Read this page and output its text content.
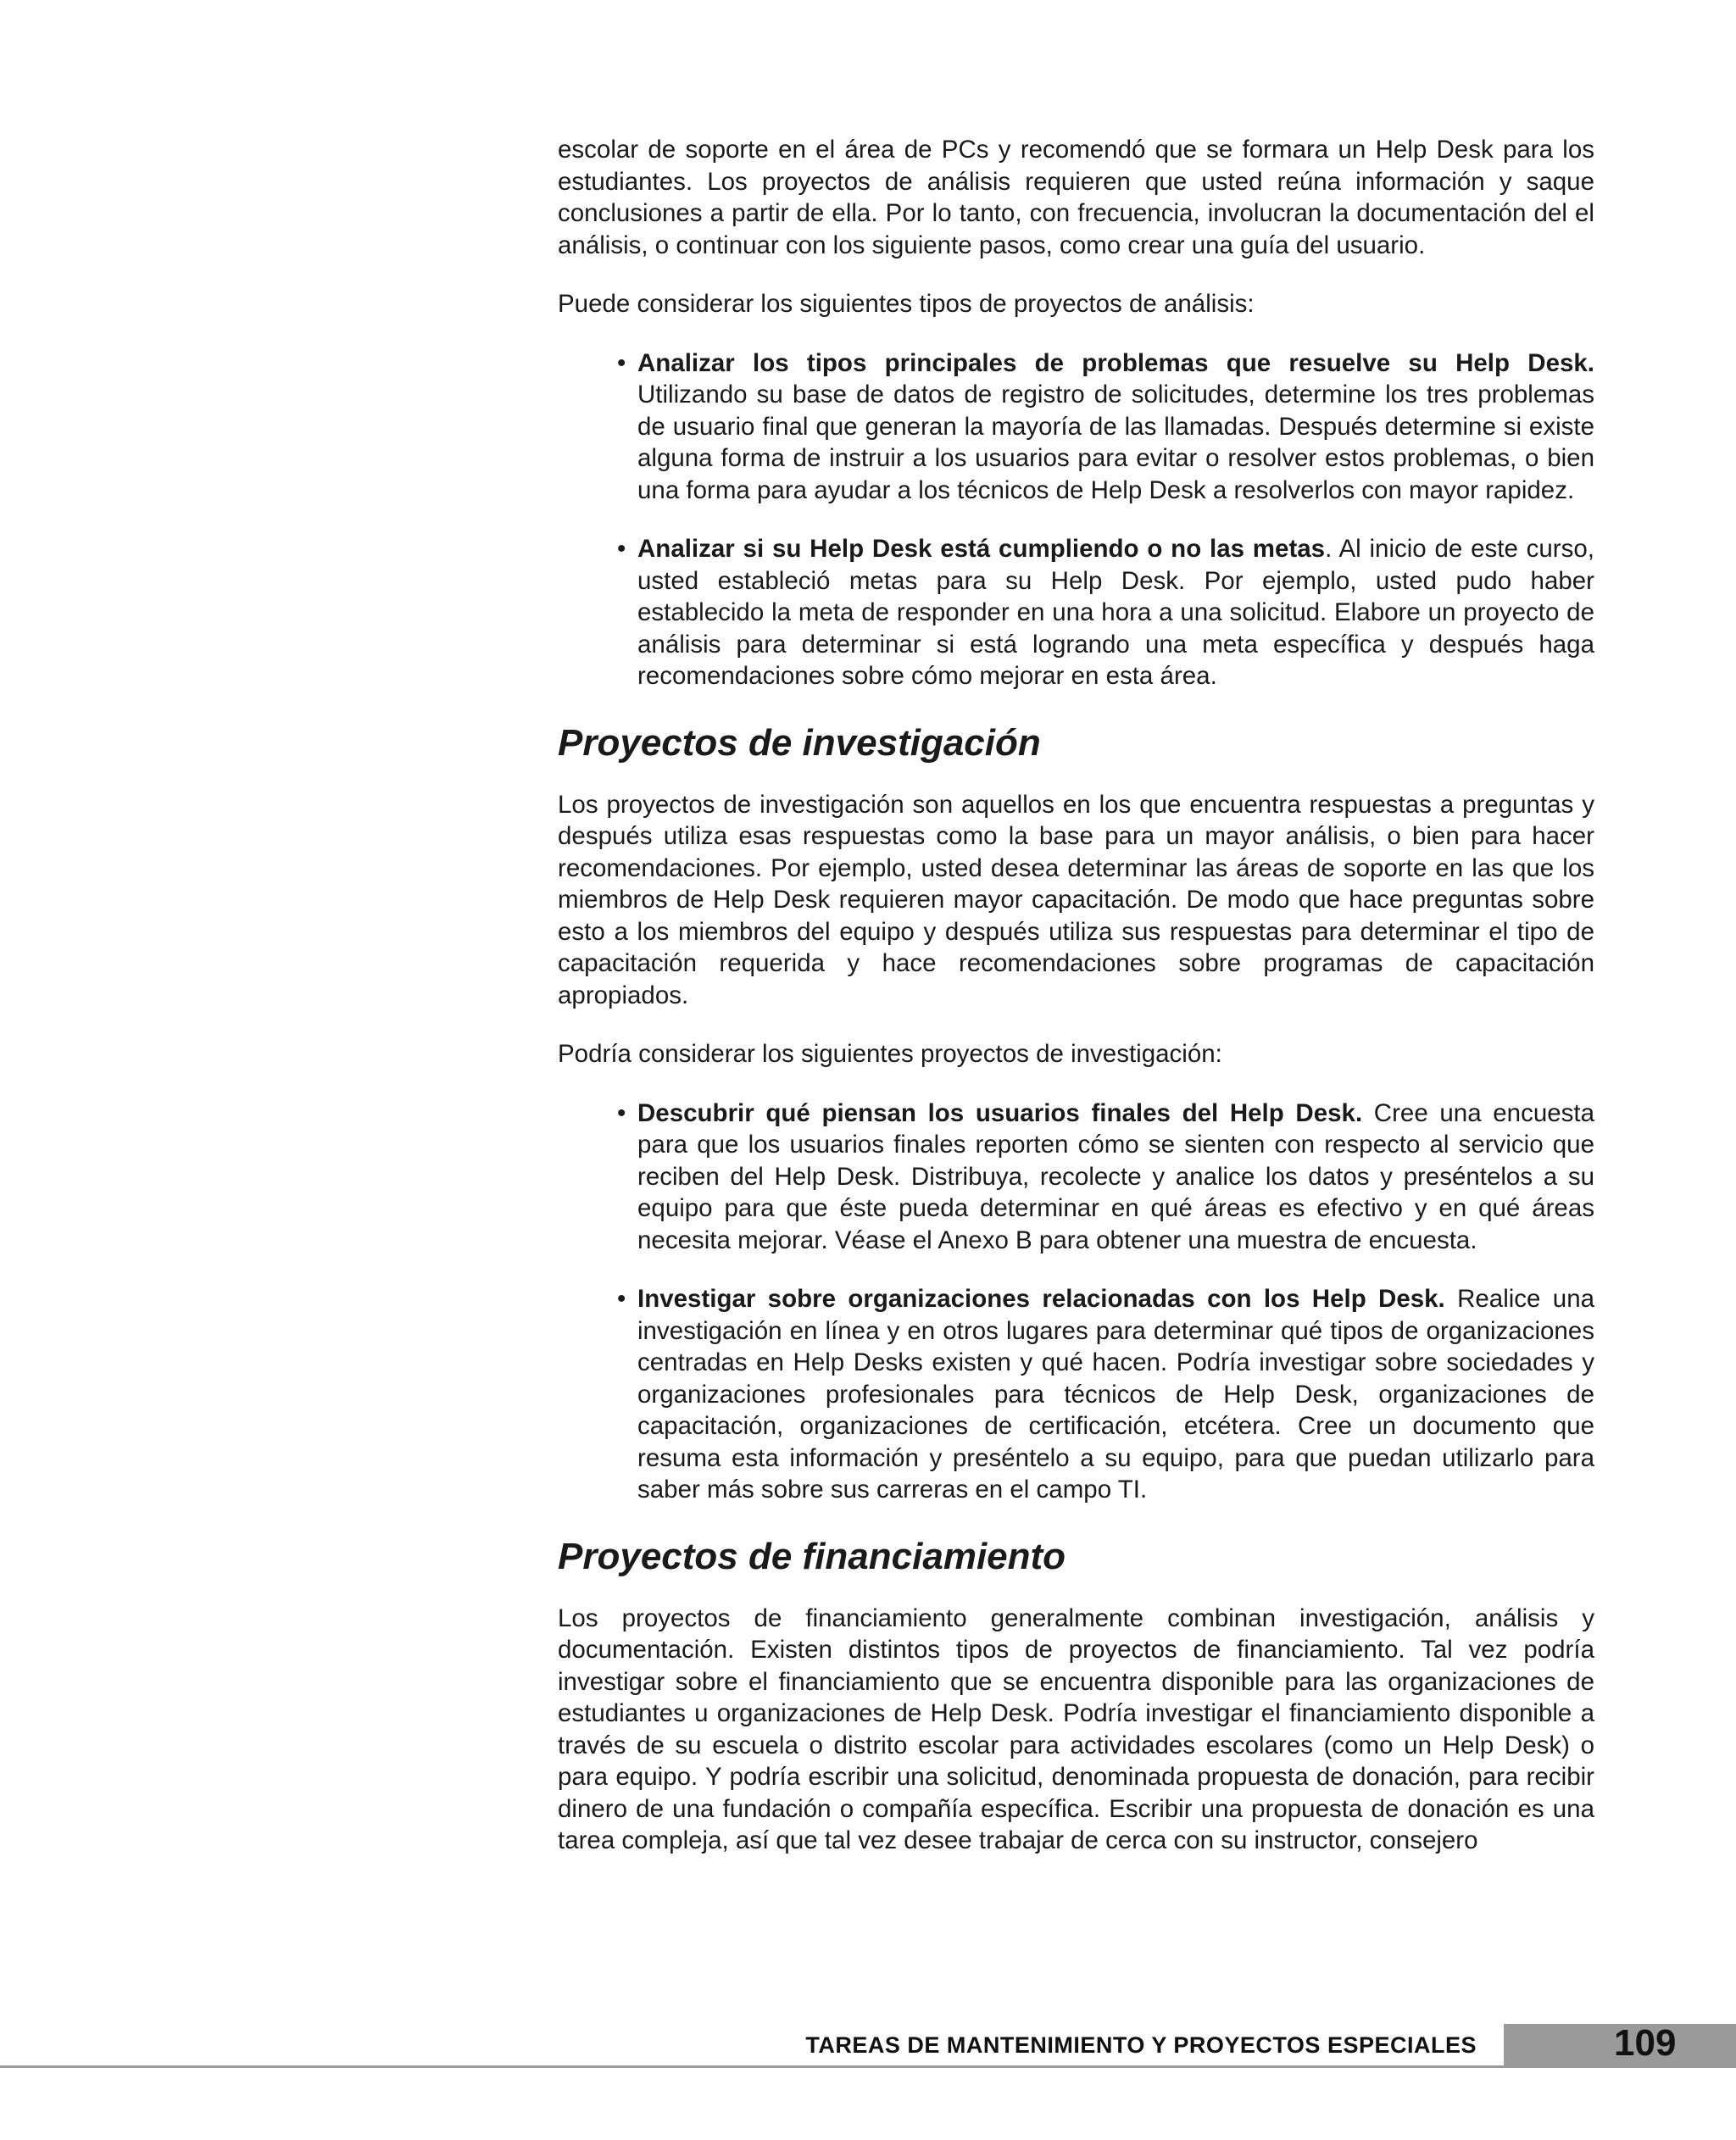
escolar de soporte en el área de PCs y recomendó que se formara un Help Desk para los estudiantes. Los proyectos de análisis requieren que usted reúna información y saque conclusiones a partir de ella. Por lo tanto, con frecuencia, involucran la documentación del el análisis, o continuar con los siguiente pasos, como crear una guía del usuario.

Puede considerar los siguientes tipos de proyectos de análisis:

• Analizar los tipos principales de problemas que resuelve su Help Desk. Utilizando su base de datos de registro de solicitudes, determine los tres problemas de usuario final que generan la mayoría de las llamadas. Después determine si existe alguna forma de instruir a los usuarios para evitar o resolver estos problemas, o bien una forma para ayudar a los técnicos de Help Desk a resolverlos con mayor rapidez.
• Analizar si su Help Desk está cumpliendo o no las metas. Al inicio de este curso, usted estableció metas para su Help Desk. Por ejemplo, usted pudo haber establecido la meta de responder en una hora a una solicitud. Elabore un proyecto de análisis para determinar si está logrando una meta específica y después haga recomendaciones sobre cómo mejorar en esta área.
Proyectos de investigación

Los proyectos de investigación son aquellos en los que encuentra respuestas a preguntas y después utiliza esas respuestas como la base para un mayor análisis, o bien para hacer recomendaciones. Por ejemplo, usted desea determinar las áreas de soporte en las que los miembros de Help Desk requieren mayor capacitación. De modo que hace preguntas sobre esto a los miembros del equipo y después utiliza sus respuestas para determinar el tipo de capacitación requerida y hace recomendaciones sobre programas de capacitación apropiados.

Podría considerar los siguientes proyectos de investigación:

• Descubrir qué piensan los usuarios finales del Help Desk. Cree una encuesta para que los usuarios finales reporten cómo se sienten con respecto al servicio que reciben del Help Desk. Distribuya, recolecte y analice los datos y preséntelos a su equipo para que éste pueda determinar en qué áreas es efectivo y en qué áreas necesita mejorar. Véase el Anexo B para obtener una muestra de encuesta.
• Investigar sobre organizaciones relacionadas con los Help Desk. Realice una investigación en línea y en otros lugares para determinar qué tipos de organizaciones centradas en Help Desks existen y qué hacen. Podría investigar sobre sociedades y organizaciones profesionales para técnicos de Help Desk, organizaciones de capacitación, organizaciones de certificación, etcétera. Cree un documento que resuma esta información y preséntelo a su equipo, para que puedan utilizarlo para saber más sobre sus carreras en el campo TI.
Proyectos de financiamiento

Los proyectos de financiamiento generalmente combinan investigación, análisis y documentación. Existen distintos tipos de proyectos de financiamiento. Tal vez podría investigar sobre el financiamiento que se encuentra disponible para las organizaciones de estudiantes u organizaciones de Help Desk. Podría investigar el financiamiento disponible a través de su escuela o distrito escolar para actividades escolares (como un Help Desk) o para equipo. Y podría escribir una solicitud, denominada propuesta de donación, para recibir dinero de una fundación o compañía específica. Escribir una propuesta de donación es una tarea compleja, así que tal vez desee trabajar de cerca con su instructor, consejero

TAREAS DE MANTENIMIENTO Y PROYECTOS ESPECIALES	109
